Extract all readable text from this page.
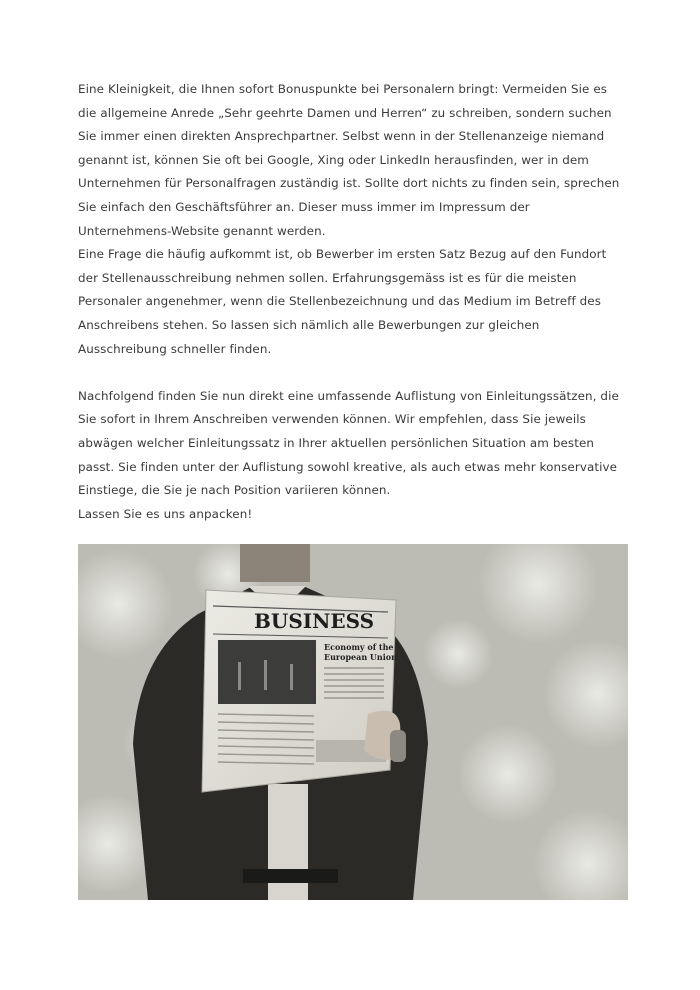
Eine Kleinigkeit, die Ihnen sofort Bonuspunkte bei Personalern bringt: Vermeiden Sie es die allgemeine Anrede „Sehr geehrte Damen und Herren“ zu schreiben, sondern suchen Sie immer einen direkten Ansprechpartner. Selbst wenn in der Stellenanzeige niemand genannt ist, können Sie oft bei Google, Xing oder LinkedIn herausfinden, wer in dem Unternehmen für Personalfragen zuständig ist. Sollte dort nichts zu finden sein, sprechen Sie einfach den Geschäftsführer an. Dieser muss immer im Impressum der Unternehmens-Website genannt werden.

Eine Frage die häufig aufkommt ist, ob Bewerber im ersten Satz Bezug auf den Fundort der Stellenausschreibung nehmen sollen. Erfahrungsgemäss ist es für die meisten Personaler angenehmer, wenn die Stellenbezeichnung und das Medium im Betreff des Anschreibens stehen. So lassen sich nämlich alle Bewerbungen zur gleichen Ausschreibung schneller finden.

Nachfolgend finden Sie nun direkt eine umfassende Auflistung von Einleitungssätzen, die Sie sofort in Ihrem Anschreiben verwenden können. Wir empfehlen, dass Sie jeweils abwägen welcher Einleitungssatz in Ihrer aktuellen persönlichen Situation am besten passt. Sie finden unter der Auflistung sowohl kreative, als auch etwas mehr konservative Einstiege, die Sie je nach Position variieren können.

Lassen Sie es uns anpacken!

BUSINESS
Economy of the
European Union
